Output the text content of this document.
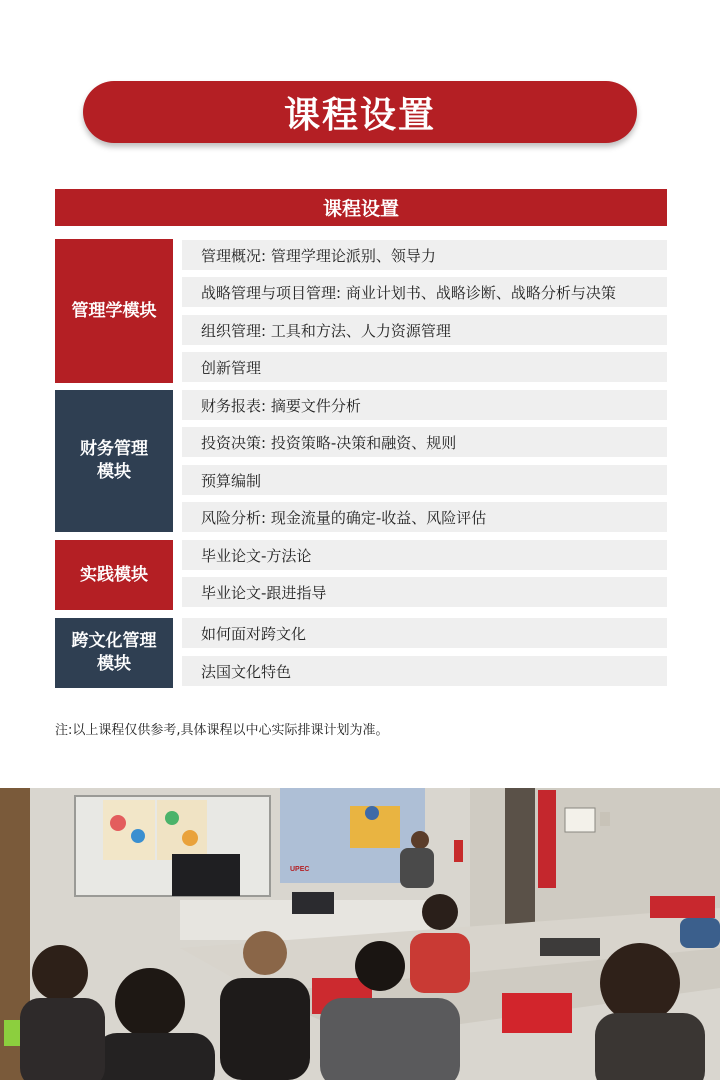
课程设置
课程设置
管理学模块
管理概况: 管理学理论派别、领导力
战略管理与项目管理: 商业计划书、战略诊断、战略分析与决策
组织管理: 工具和方法、人力资源管理
创新管理
财务管理
模块
财务报表: 摘要文件分析
投资决策: 投资策略-决策和融资、规则
预算编制
风险分析: 现金流量的确定-收益、风险评估
实践模块
毕业论文-方法论
毕业论文-跟进指导
跨文化管理
模块
如何面对跨文化
法国文化特色
注:以上课程仅供参考,具体课程以中心实际排课计划为准。
UPEC
